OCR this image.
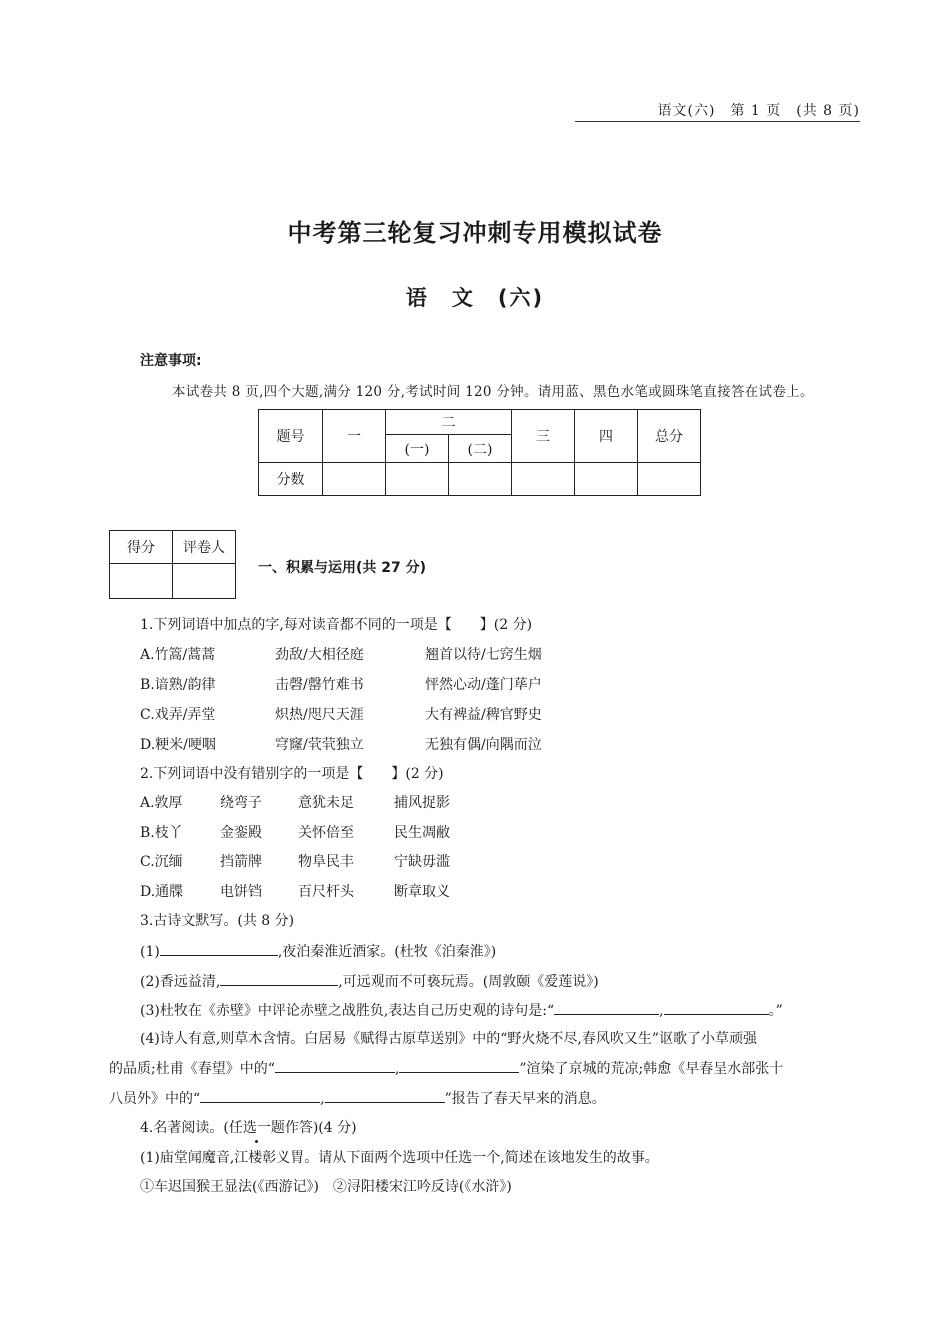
语文(六)　第 1 页　(共 8 页)
中考第三轮复习冲刺专用模拟试卷
语　文　(六)
注意事项:
本试卷共 8 页,四个大题,满分 120 分,考试时间 120 分钟。请用蓝、黑色水笔或圆珠笔直接答在试卷上。
题号	一	二		三	四	总分
		(一)	(二)			
分数						
得分	评卷人

一、积累与运用(共 27 分)
1.下列词语中加点的字,每对读音都不同的一项是【　　】(2 分)
A.竹篙/蒿蒿	劲敌/大相径庭	翘首以待/七窍生烟
B.谙熟/韵律	击磬/罄竹难书	怦然心动/蓬门荜户
C.戏弄/弄堂	炽热/咫尺天涯	大有裨益/稗官野史
D.粳米/哽咽	穹窿/茕茕独立	无独有偶/向隅而泣
2.下列词语中没有错别字的一项是【　　】(2 分)
A.敦厚	绕弯子	意犹未足	捕风捉影
B.枝丫	金銮殿	关怀倍至	民生凋敝
C.沉缅	挡箭牌	物阜民丰	宁缺毋滥
D.通牒	电饼铛	百尺杆头	断章取义
3.古诗文默写。(共 8 分)
(1)	,夜泊秦淮近酒家。(杜牧《泊秦淮》)
(2)香远益清,	,可远观而不可亵玩焉。(周敦颐《爱莲说》)
(3)杜牧在《赤壁》中评论赤壁之战胜负,表达自己历史观的诗句是:“	,	。”
(4)诗人有意,则草木含情。白居易《赋得古原草送别》中的“野火烧不尽,春风吹又生”讴歌了小草顽强
的品质;杜甫《春望》中的“	,	”渲染了京城的荒凉;韩愈《早春呈水部张十
八员外》中的“	,	”报告了春天早来的消息。
4.名著阅读。(任选一题作答)(4 分)
(1)庙堂闻魔音,江楼彰义胃。请从下面两个选项中任选一个,简述在该地发生的故事。
①车迟国猴王显法(《西游记》)　②浔阳楼宋江吟反诗(《水浒》)
